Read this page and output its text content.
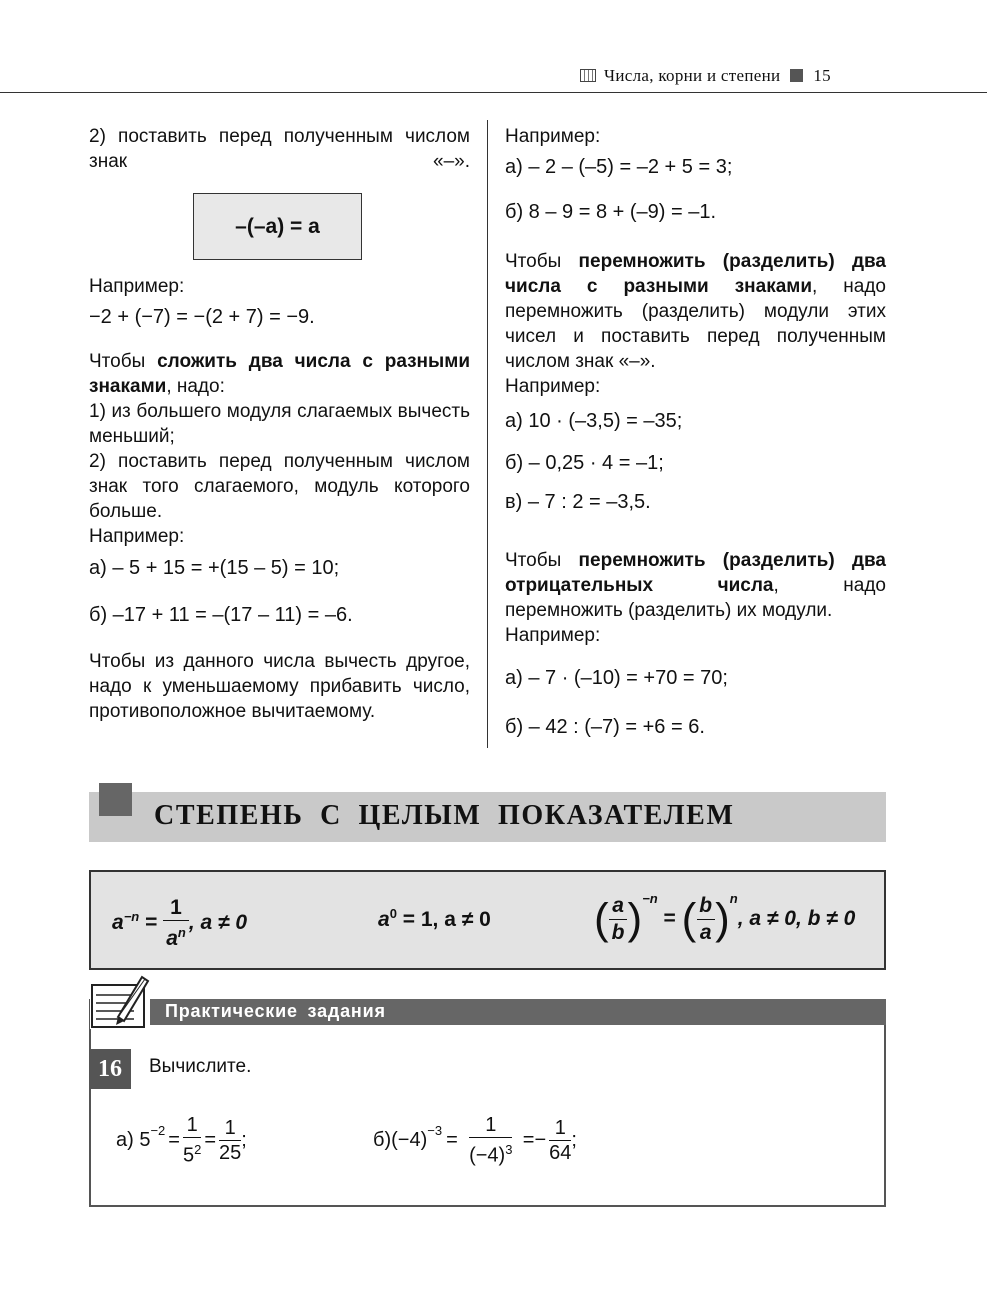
Числа, корни и степени 15
2) поставить перед полученным числом знак «–».
–(–a) = a
Например:
−2 + (−7) = −(2 + 7) = −9.
Чтобы сложить два числа с разными знаками, надо:
1) из большего модуля слагаемых вычесть меньший;
2) поставить перед полученным числом знак того слагаемого, модуль которого больше.
Например:
а) – 5 + 15 = +(15 – 5) = 10;
б) –17 + 11 = –(17 – 11) = –6.
Чтобы из данного числа вычесть другое, надо к уменьшаемому прибавить число, противоположное вычитаемому.
Например:
а) – 2 – (–5) = –2 + 5 = 3;
б) 8 – 9 = 8 + (–9) = –1.
Чтобы перемножить (разделить) два числа с разными знаками, надо перемножить (разделить) модули этих чисел и поставить перед полученным числом знак «–».
Например:
а) 10 · (–3,5) = –35;
б) – 0,25 · 4 = –1;
в) – 7 : 2 = –3,5.
Чтобы перемножить (разделить) два отрицательных числа, надо перемножить (разделить) их модули.
Например:
а) – 7 · (–10) = +70 = 70;
б) – 42 : (–7) = +6 = 6.
СТЕПЕНЬ С ЦЕЛЫМ ПОКАЗАТЕЛЕМ
$a^{-n} = \frac{1}{a^n}$ , a ≠ 0	$a^0 = 1$, a ≠ 0 ( $\frac{a}{b} )^{-n}$ = ( $\frac{b}{a} )^n$, a ≠ 0, b ≠ 0
Практические задания
16	Вычислите.
а) $5^{-2} = \frac{1}{5^2} = \frac{1}{25}$ ;	$б)(-4)^{-3} = \frac{1}{(-4)^3} =- \frac{1}{64}$ ;
